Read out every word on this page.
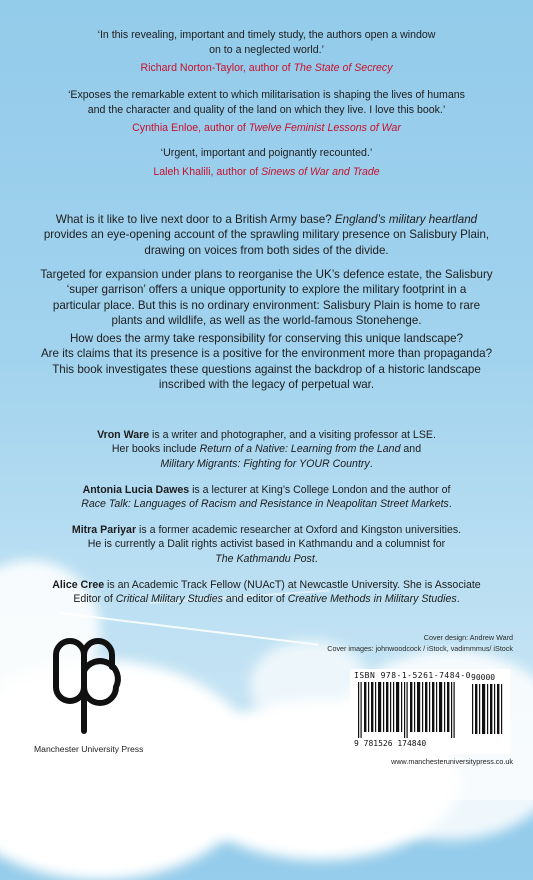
‘In this revealing, important and timely study, the authors open a window
on to a neglected world.’
Richard Norton-Taylor, author of The State of Secrecy
‘Exposes the remarkable extent to which militarisation is shaping the lives of humans
and the character and quality of the land on which they live. I love this book.’
Cynthia Enloe, author of Twelve Feminist Lessons of War
‘Urgent, important and poignantly recounted.’
Laleh Khalili, author of Sinews of War and Trade
What is it like to live next door to a British Army base? England’s military heartland
provides an eye-opening account of the sprawling military presence on Salisbury Plain,
drawing on voices from both sides of the divide.
Targeted for expansion under plans to reorganise the UK’s defence estate, the Salisbury
‘super garrison’ offers a unique opportunity to explore the military footprint in a
particular place. But this is no ordinary environment: Salisbury Plain is home to rare
plants and wildlife, as well as the world-famous Stonehenge.
How does the army take responsibility for conserving this unique landscape?
Are its claims that its presence is a positive for the environment more than propaganda?
This book investigates these questions against the backdrop of a historic landscape
inscribed with the legacy of perpetual war.
Vron Ware is a writer and photographer, and a visiting professor at LSE.
Her books include Return of a Native: Learning from the Land and
Military Migrants: Fighting for YOUR Country.
Antonia Lucia Dawes is a lecturer at King’s College London and the author of
Race Talk: Languages of Racism and Resistance in Neapolitan Street Markets.
Mitra Pariyar is a former academic researcher at Oxford and Kingston universities.
He is currently a Dalit rights activist based in Kathmandu and a columnist for
The Kathmandu Post.
Alice Cree is an Academic Track Fellow (NUAcT) at Newcastle University. She is Associate
Editor of Critical Military Studies and editor of Creative Methods in Military Studies.
Cover design: Andrew Ward
Cover images: johnwoodcock / iStock, vadimmmus/ iStock
Manchester University Press
ISBN 978-1-5261-7484-0
9 781526 174840
90000
www.manchesteruniversitypress.co.uk
